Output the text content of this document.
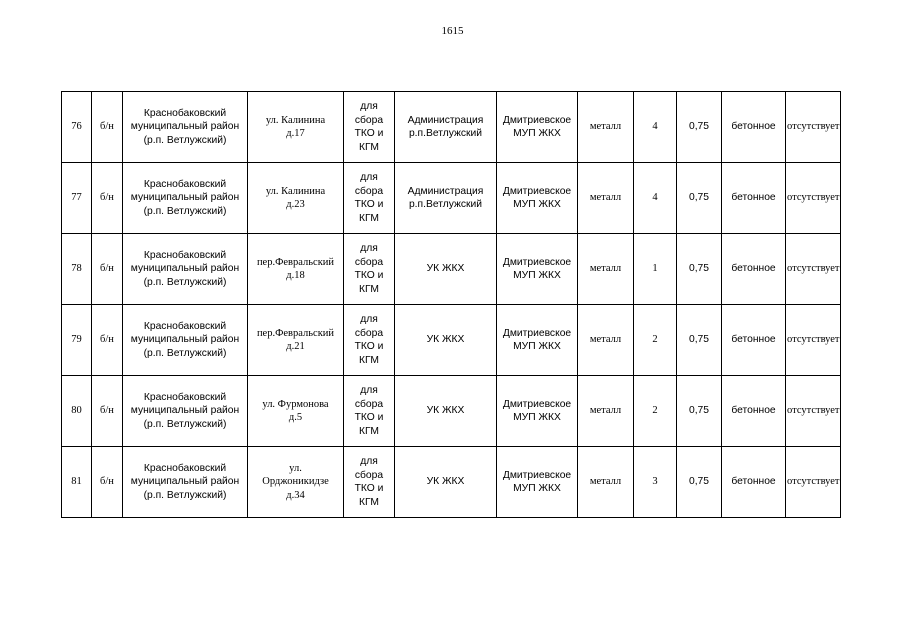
1615
76	б/н	Краснобаковский
муниципальный район
(р.п. Ветлужский)	ул. Калинина
д.17	для
сбора
ТКО и
КГМ	Администрация
р.п.Ветлужский	Дмитриевское
МУП ЖКХ	металл	4	0,75	бетонное	отсутствует
77	б/н	Краснобаковский
муниципальный район
(р.п. Ветлужский)	ул. Калинина
д.23	для
сбора
ТКО и
КГМ	Администрация
р.п.Ветлужский	Дмитриевское
МУП ЖКХ	металл	4	0,75	бетонное	отсутствует
78	б/н	Краснобаковский
муниципальный район
(р.п. Ветлужский)	пер.Февральский
д.18	для
сбора
ТКО и
КГМ	УК ЖКХ	Дмитриевское
МУП ЖКХ	металл	1	0,75	бетонное	отсутствует
79	б/н	Краснобаковский
муниципальный район
(р.п. Ветлужский)	пер.Февральский
д.21	для
сбора
ТКО и
КГМ	УК ЖКХ	Дмитриевское
МУП ЖКХ	металл	2	0,75	бетонное	отсутствует
80	б/н	Краснобаковский
муниципальный район
(р.п. Ветлужский)	ул. Фурмонова
д.5	для
сбора
ТКО и
КГМ	УК ЖКХ	Дмитриевское
МУП ЖКХ	металл	2	0,75	бетонное	отсутствует
81	б/н	Краснобаковский
муниципальный район
(р.п. Ветлужский)	ул.
Орджоникидзе
д.34	для
сбора
ТКО и
КГМ	УК ЖКХ	Дмитриевское
МУП ЖКХ	металл	3	0,75	бетонное	отсутствует
